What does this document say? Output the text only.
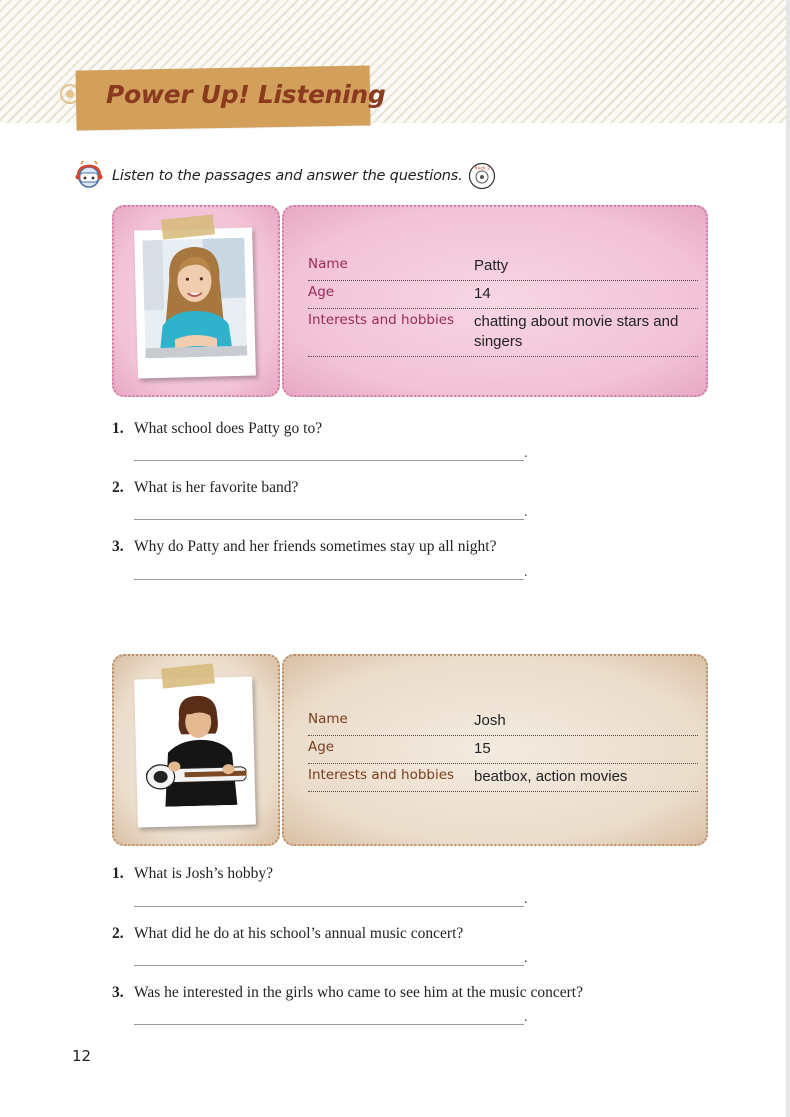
Power Up! Listening
Listen to the passages and answer the questions.	Track 2
Name	Patty
Age	14
Interests and hobbies	chatting about movie stars and singers
1. What school does Patty go to?
.
2. What is her favorite band?
.
3. Why do Patty and her friends sometimes stay up all night?
.
Name	Josh
Age	15
Interests and hobbies	beatbox, action movies
1. What is Josh’s hobby?
.
2. What did he do at his school’s annual music concert?
.
3. Was he interested in the girls who came to see him at the music concert?
.
12
